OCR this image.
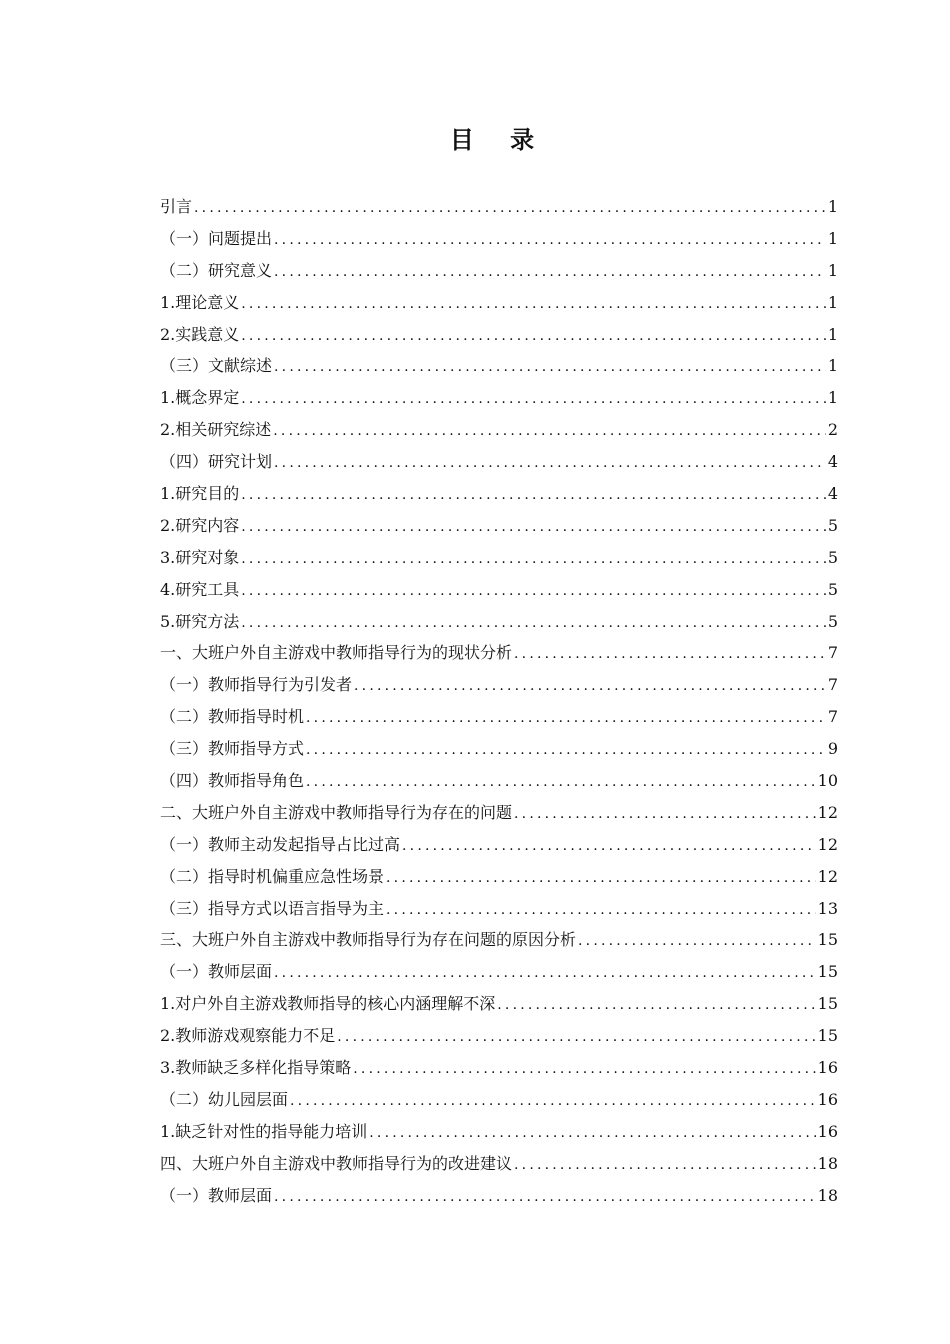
目 录
引言 .....	1
（一）问题提出 .....	1
（二）研究意义 .....	1
1.理论意义 .....	1
2.实践意义 .....	1
（三）文献综述 .....	1
1.概念界定 .....	1
2.相关研究综述 .....	2
（四）研究计划 .....	4
1.研究目的 .....	4
2.研究内容 .....	5
3.研究对象 .....	5
4.研究工具 .....	5
5.研究方法 .....	5
一、大班户外自主游戏中教师指导行为的现状分析 .....	7
（一）教师指导行为引发者 .....	7
（二）教师指导时机 .....	7
（三）教师指导方式 .....	9
（四）教师指导角色 .....	10
二、大班户外自主游戏中教师指导行为存在的问题 .....	12
（一）教师主动发起指导占比过高 .....	12
（二）指导时机偏重应急性场景 .....	12
（三）指导方式以语言指导为主 .....	13
三、大班户外自主游戏中教师指导行为存在问题的原因分析 .....	15
（一）教师层面 .....	15
1.对户外自主游戏教师指导的核心内涵理解不深 .....	15
2.教师游戏观察能力不足 .....	15
3.教师缺乏多样化指导策略 .....	16
（二）幼儿园层面 .....	16
1.缺乏针对性的指导能力培训 .....	16
四、大班户外自主游戏中教师指导行为的改进建议 .....	18
（一）教师层面 .....	18
